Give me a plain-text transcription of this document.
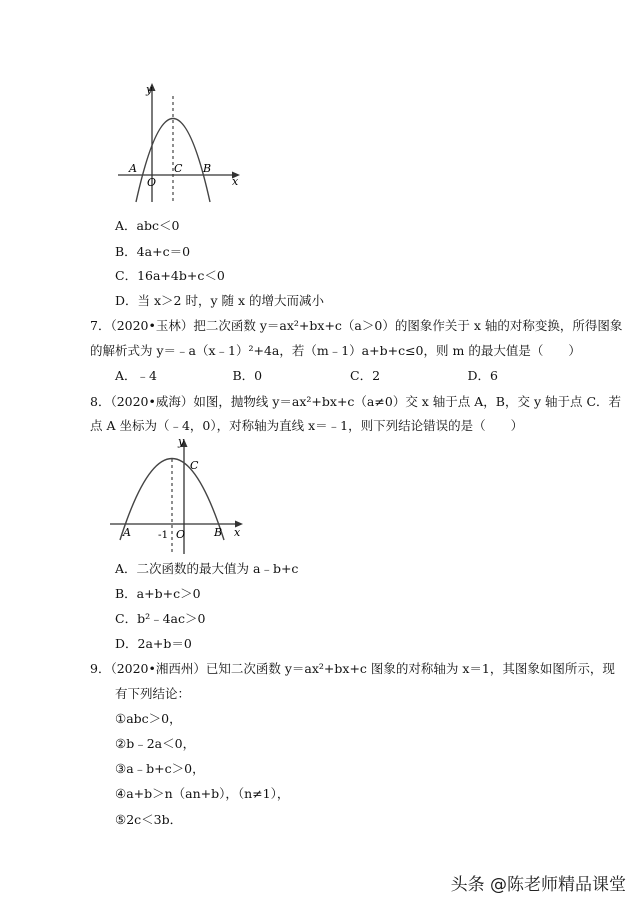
y
x
A
O
C B
A．abc＜0
B．4a+c＝0
C．16a+4b+c＜0
D．当 x＞2 时，y 随 x 的增大而减小
7．（2020•玉林）把二次函数 y＝ax²+bx+c（a＞0）的图象作关于 x 轴的对称变换，所得图象
的解析式为 y＝﹣a（x﹣1）²+4a，若（m﹣1）a+b+c≤0，则 m 的最大值是（　　）
A．﹣4	B．0	C．2	D．6
8．（2020•威海）如图，抛物线 y＝ax²+bx+c（a≠0）交 x 轴于点 A，B，交 y 轴于点 C．若
点 A 坐标为（﹣4，0），对称轴为直线 x＝﹣1，则下列结论错误的是（　　）
y
x
C
A	-1 O	B
A．二次函数的最大值为 a﹣b+c
B．a+b+c＞0
C．b²﹣4ac＞0
D．2a+b＝0
9．（2020•湘西州）已知二次函数 y＝ax²+bx+c 图象的对称轴为 x＝1，其图象如图所示，现
有下列结论：
①abc＞0，
②b﹣2a＜0，
③a﹣b+c＞0，
④a+b＞n（an+b），（n≠1），
⑤2c＜3b．
头条 @陈老师精品课堂
